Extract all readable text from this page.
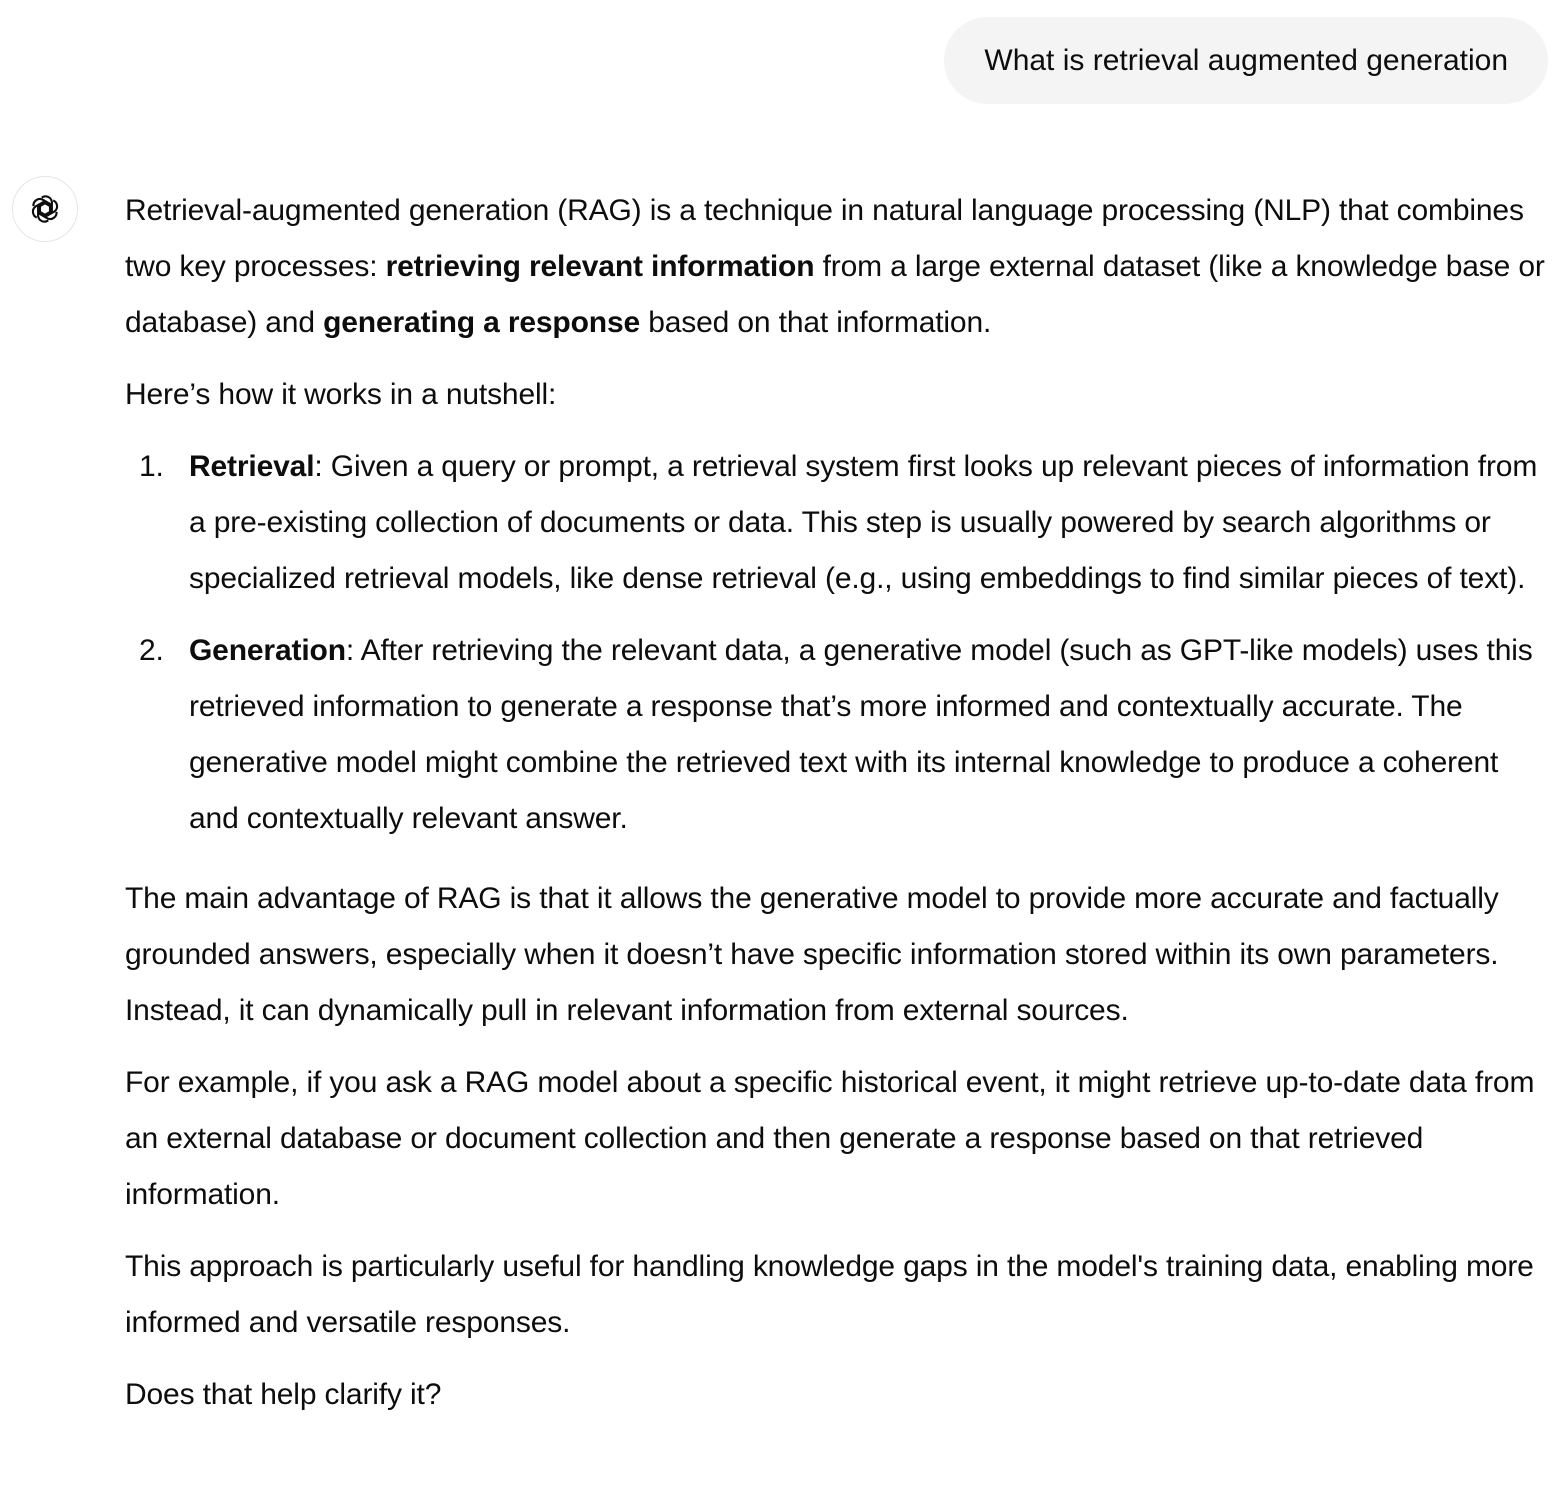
What is retrieval augmented generation

Retrieval-augmented generation (RAG) is a technique in natural language processing (NLP) that combines two key processes: retrieving relevant information from a large external dataset (like a knowledge base or database) and generating a response based on that information.

Here’s how it works in a nutshell:

1. Retrieval: Given a query or prompt, a retrieval system first looks up relevant pieces of information from a pre-existing collection of documents or data. This step is usually powered by search algorithms or specialized retrieval models, like dense retrieval (e.g., using embeddings to find similar pieces of text).
2. Generation: After retrieving the relevant data, a generative model (such as GPT-like models) uses this retrieved information to generate a response that’s more informed and contextually accurate. The generative model might combine the retrieved text with its internal knowledge to produce a coherent and contextually relevant answer.

The main advantage of RAG is that it allows the generative model to provide more accurate and factually grounded answers, especially when it doesn’t have specific information stored within its own parameters. Instead, it can dynamically pull in relevant information from external sources.

For example, if you ask a RAG model about a specific historical event, it might retrieve up-to-date data from an external database or document collection and then generate a response based on that retrieved information.

This approach is particularly useful for handling knowledge gaps in the model's training data, enabling more informed and versatile responses.

Does that help clarify it?
